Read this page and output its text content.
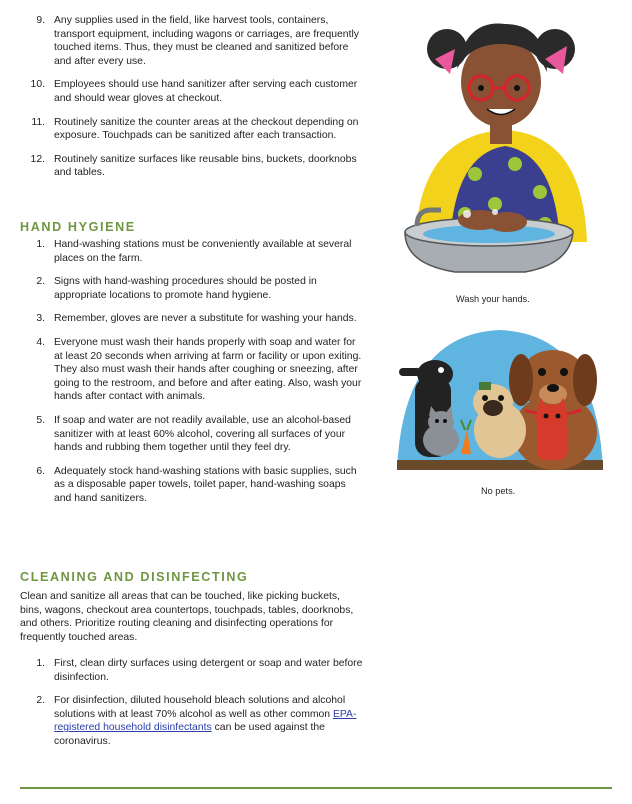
9. Any supplies used in the field, like harvest tools, containers, transport equipment, including wagons or carriages, are frequently touched items. Thus, they must be cleaned and sanitized before and after every use.
10. Employees should use hand sanitizer after serving each customer and should wear gloves at checkout.
11. Routinely sanitize the counter areas at the checkout depending on exposure. Touchpads can be sanitized after each transaction.
12. Routinely sanitize surfaces like reusable bins, buckets, doorknobs and tables.
HAND HYGIENE
1. Hand-washing stations must be conveniently available at several places on the farm.
2. Signs with hand-washing procedures should be posted in appropriate locations to promote hand hygiene.
3. Remember, gloves are never a substitute for washing your hands.
4. Everyone must wash their hands properly with soap and water for at least 20 seconds when arriving at farm or facility or upon exiting. They also must wash their hands after coughing or sneezing, after going to the restroom, and before and after eating. Also, wash your hands after contact with animals.
5. If soap and water are not readily available, use an alcohol-based sanitizer with at least 60% alcohol, covering all surfaces of your hands and rubbing them together until they feel dry.
6. Adequately stock hand-washing stations with basic supplies, such as a disposable paper towels, toilet paper, hand-washing soaps and hand sanitizers.
CLEANING AND DISINFECTING
Clean and sanitize all areas that can be touched, like picking buckets, bins, wagons, checkout area countertops, touchpads, tables, doorknobs, and others. Prioritize routing cleaning and disinfecting operations for frequently touched areas.
1. First, clean dirty surfaces using detergent or soap and water before disinfection.
2. For disinfection, diluted household bleach solutions and alcohol solutions with at least 70% alcohol as well as other common EPA-registered household disinfectants can be used against the coronavirus.
Wash your hands.
No pets.
